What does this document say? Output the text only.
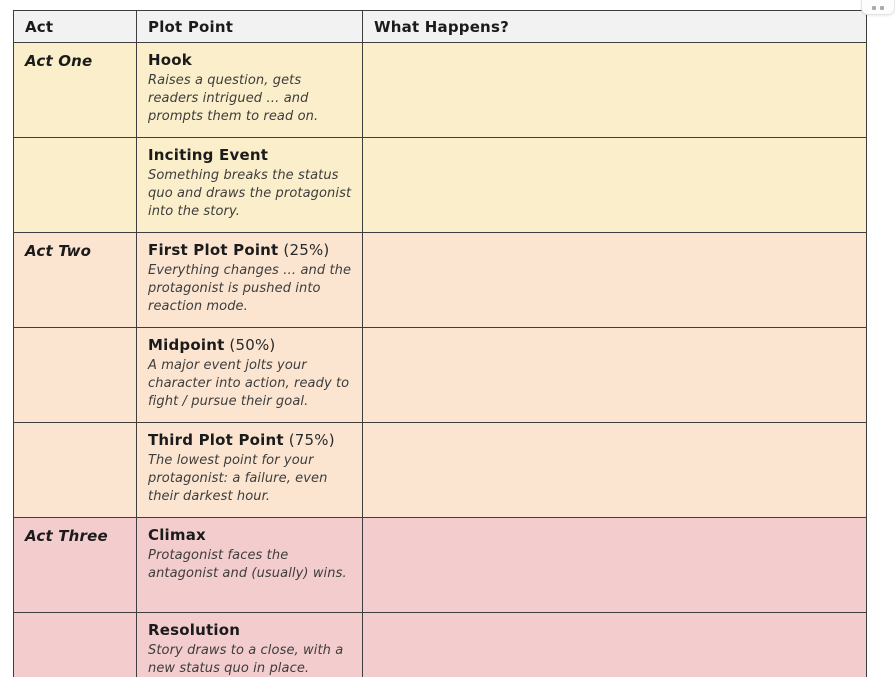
Act	Plot Point	What Happens?
Act One	Hook
Raises a question, gets readers intrigued … and prompts them to read on.	

	Inciting Event
Something breaks the status quo and draws the protagonist into the story.	

Act Two	First Plot Point (25%)
Everything changes … and the protagonist is pushed into reaction mode.	

	Midpoint (50%)
A major event jolts your character into action, ready to fight / pursue their goal.	

	Third Plot Point (75%)
The lowest point for your protagonist: a failure, even their darkest hour.	

Act Three	Climax
Protagonist faces the antagonist and (usually) wins.	

	Resolution
Story draws to a close, with a new status quo in place.	
